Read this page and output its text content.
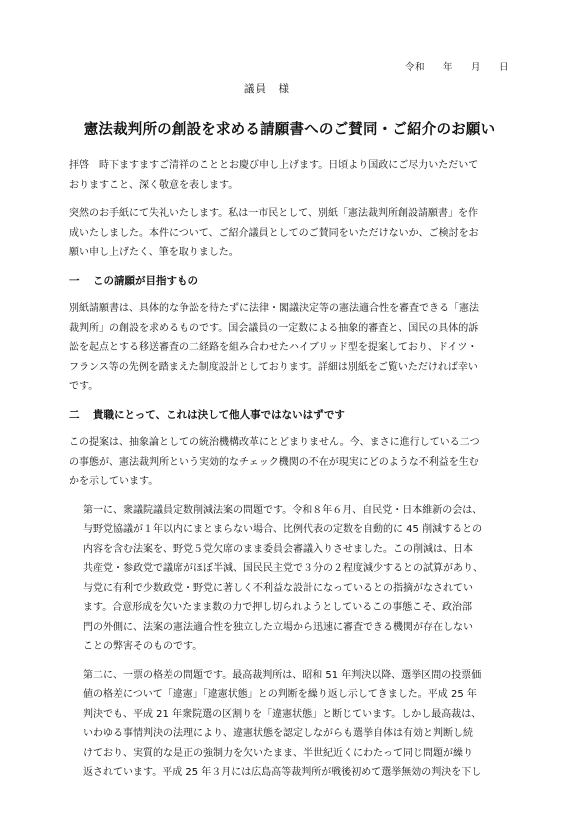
令和 年 月 日
議員　様
憲法裁判所の創設を求める請願書へのご賛同・ご紹介のお願い

拝啓　時下ますますご清祥のこととお慶び申し上げます。日頃より国政にご尽力いただいて
おりますこと、深く敬意を表します。

突然のお手紙にて失礼いたします。私は一市民として、別紙「憲法裁判所創設請願書」を作
成いたしました。本件について、ご紹介議員としてのご賛同をいただけないか、ご検討をお
願い申し上げたく、筆を取りました。

一 この請願が目指すもの

別紙請願書は、具体的な争訟を待たずに法律・閣議決定等の憲法適合性を審査できる「憲法
裁判所」の創設を求めるものです。国会議員の一定数による抽象的審査と、国民の具体的訴
訟を起点とする移送審査の二経路を組み合わせたハイブリッド型を提案しており、ドイツ・
フランス等の先例を踏まえた制度設計としております。詳細は別紙をご覧いただければ幸い
です。

二 貴職にとって、これは決して他人事ではないはずです

この提案は、抽象論としての統治機構改革にとどまりません。今、まさに進行している二つ
の事態が、憲法裁判所という実効的なチェック機関の不在が現実にどのような不利益を生む
かを示しています。

第一に、衆議院議員定数削減法案の問題です。令和８年６月、自民党・日本維新の会は、
与野党協議が１年以内にまとまらない場合、比例代表の定数を自動的に 45 削減するとの
内容を含む法案を、野党５党欠席のまま委員会審議入りさせました。この削減は、日本
共産党・参政党で議席がほぼ半減、国民民主党で３分の２程度減少するとの試算があり、
与党に有利で少数政党・野党に著しく不利益な設計になっているとの指摘がなされてい
ます。合意形成を欠いたまま数の力で押し切られようとしているこの事態こそ、政治部
門の外側に、法案の憲法適合性を独立した立場から迅速に審査できる機関が存在しない
ことの弊害そのものです。

第二に、一票の格差の問題です。最高裁判所は、昭和 51 年判決以降、選挙区間の投票価
値の格差について「違憲」「違憲状態」との判断を繰り返し示してきました。平成 25 年
判決でも、平成 21 年衆院選の区割りを「違憲状態」と断じています。しかし最高裁は、
いわゆる事情判決の法理により、違憲状態を認定しながらも選挙自体は有効と判断し続
けており、実質的な是正の強制力を欠いたまま、半世紀近くにわたって同じ問題が繰り
返されています。平成 25 年３月には広島高等裁判所が戦後初めて選挙無効の判決を下し
